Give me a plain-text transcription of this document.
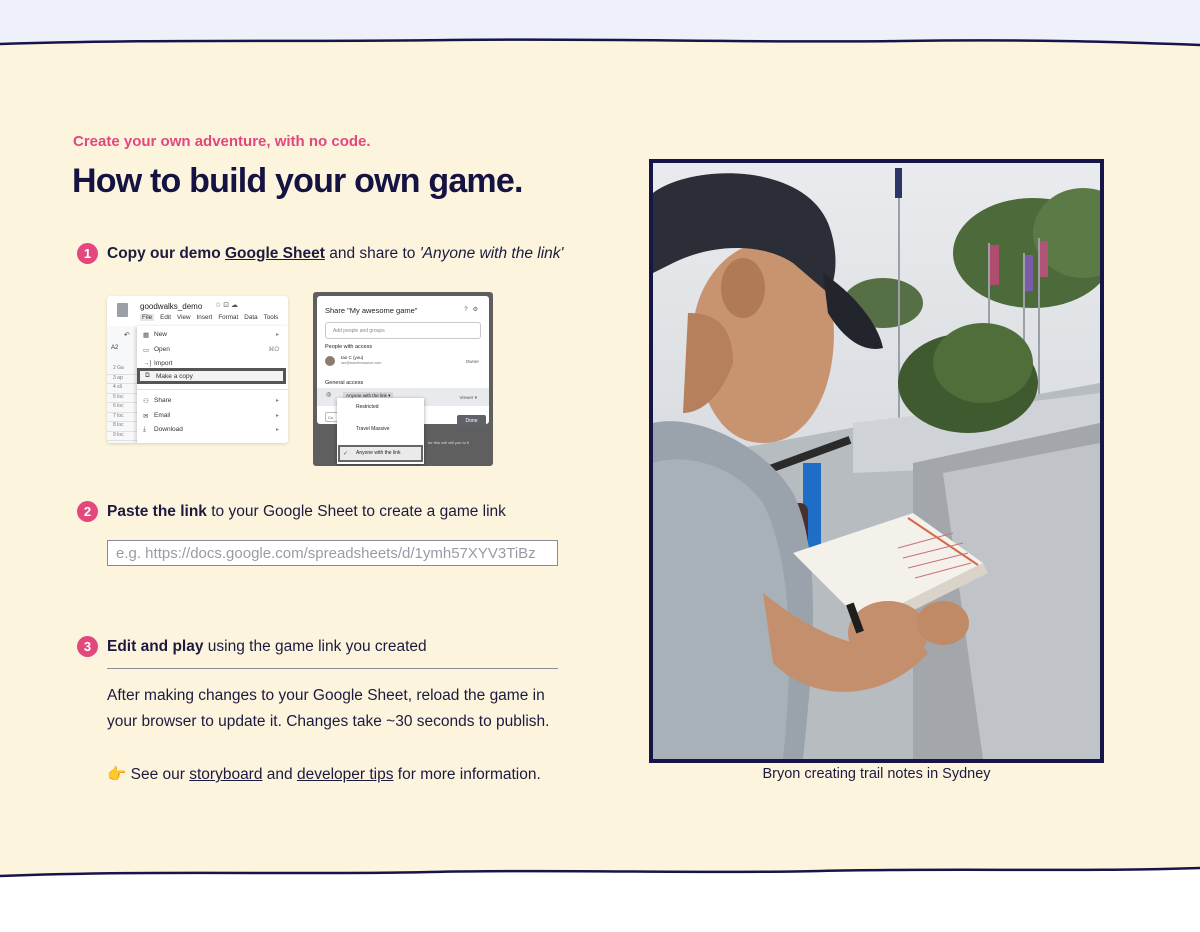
Create your own adventure, with no code.
How to build your own game.
1	Copy our demo Google Sheet and share to 'Anyone with the link'
goodwalks_demo ☆ ⊡ ☁
File	Edit View Insert Format Data Tools
↶
A2
2 Ga
3 ap
4 sli
5 loc
6 loc
7 loc
8 loc
9 loc
▦ New	▸
▭ Open	⌘O
→] Import
⧉ Make a copy
⚇ Share	▸
✉ Email	▸
⤓	Download	▸
for this cell will you to fi
Share "My awesome game"	?⚙
Add people and groups
People with access
Ian C (you)
ian@travelmassive.com	Owner
General access
◎	Anyone with the link ▾	Viewer ▾
Co
Done
Restricted
Travel Massive
✓ Anyone with the link
2	Paste the link to your Google Sheet to create a game link
e.g. https://docs.google.com/spreadsheets/d/1ymh57XYV3TiBz
3	Edit and play using the game link you created

After making changes to your Google Sheet, reload the game in your browser to update it. Changes take ~30 seconds to publish.

👉 See our storyboard and developer tips for more information.	Bryon creating trail notes in Sydney
